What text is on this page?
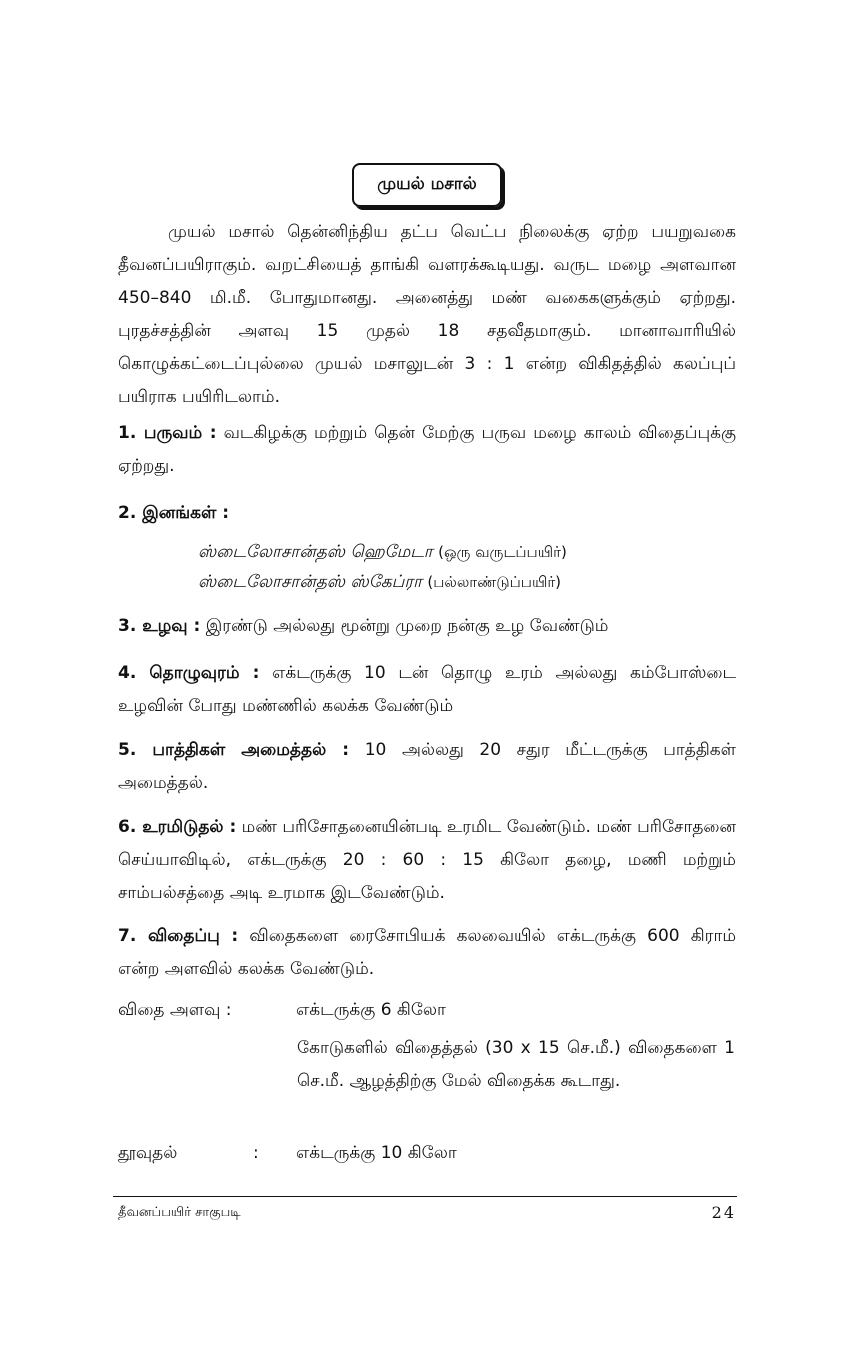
முயல் மசால்
முயல் மசால் தென்னிந்திய தட்ப வெட்ப நிலைக்கு ஏற்ற பயறுவகை தீவனப்பயிராகும். வறட்சியைத் தாங்கி வளரக்கூடியது. வருட மழை அளவான 450–840 மி.மீ. போதுமானது. அனைத்து மண் வகைகளுக்கும் ஏற்றது. புரதச்சத்தின் அளவு 15 முதல் 18 சதவீதமாகும். மானாவாரியில் கொழுக்கட்டைப்புல்லை முயல் மசாலுடன் 3 : 1 என்ற விகிதத்தில் கலப்புப் பயிராக பயிரிடலாம்.
1. பருவம் : வடகிழக்கு மற்றும் தென் மேற்கு பருவ மழை காலம் விதைப்புக்கு ஏற்றது.
2. இனங்கள் :
ஸ்டைலோசான்தஸ் ஹெமேடா (ஒரு வருடப்பயிர்)
ஸ்டைலோசான்தஸ் ஸ்கேப்ரா (பல்லாண்டுப்பயிர்)
3. உழவு : இரண்டு அல்லது மூன்று முறை நன்கு உழ வேண்டும்
4. தொழுவுரம் : எக்டருக்கு 10 டன் தொழு உரம் அல்லது கம்போஸ்டை உழவின் போது மண்ணில் கலக்க வேண்டும்
5. பாத்திகள் அமைத்தல் : 10 அல்லது 20 சதுர மீட்டருக்கு பாத்திகள் அமைத்தல்.
6. உரமிடுதல் : மண் பரிசோதனையின்படி உரமிட வேண்டும். மண் பரிசோதனை செய்யாவிடில், எக்டருக்கு 20 : 60 : 15 கிலோ தழை, மணி மற்றும் சாம்பல்சத்தை அடி உரமாக இடவேண்டும்.
7. விதைப்பு : விதைகளை ரைசோபியக் கலவையில் எக்டருக்கு 600 கிராம் என்ற அளவில் கலக்க வேண்டும்.
விதை அளவு :	எக்டருக்கு 6 கிலோ
கோடுகளில் விதைத்தல் (30 x 15 செ.மீ.) விதைகளை 1 செ.மீ. ஆழத்திற்கு மேல் விதைக்க கூடாது.
தூவுதல்	: எக்டருக்கு 10 கிலோ
தீவனப்பயிர் சாகுபடி	24
